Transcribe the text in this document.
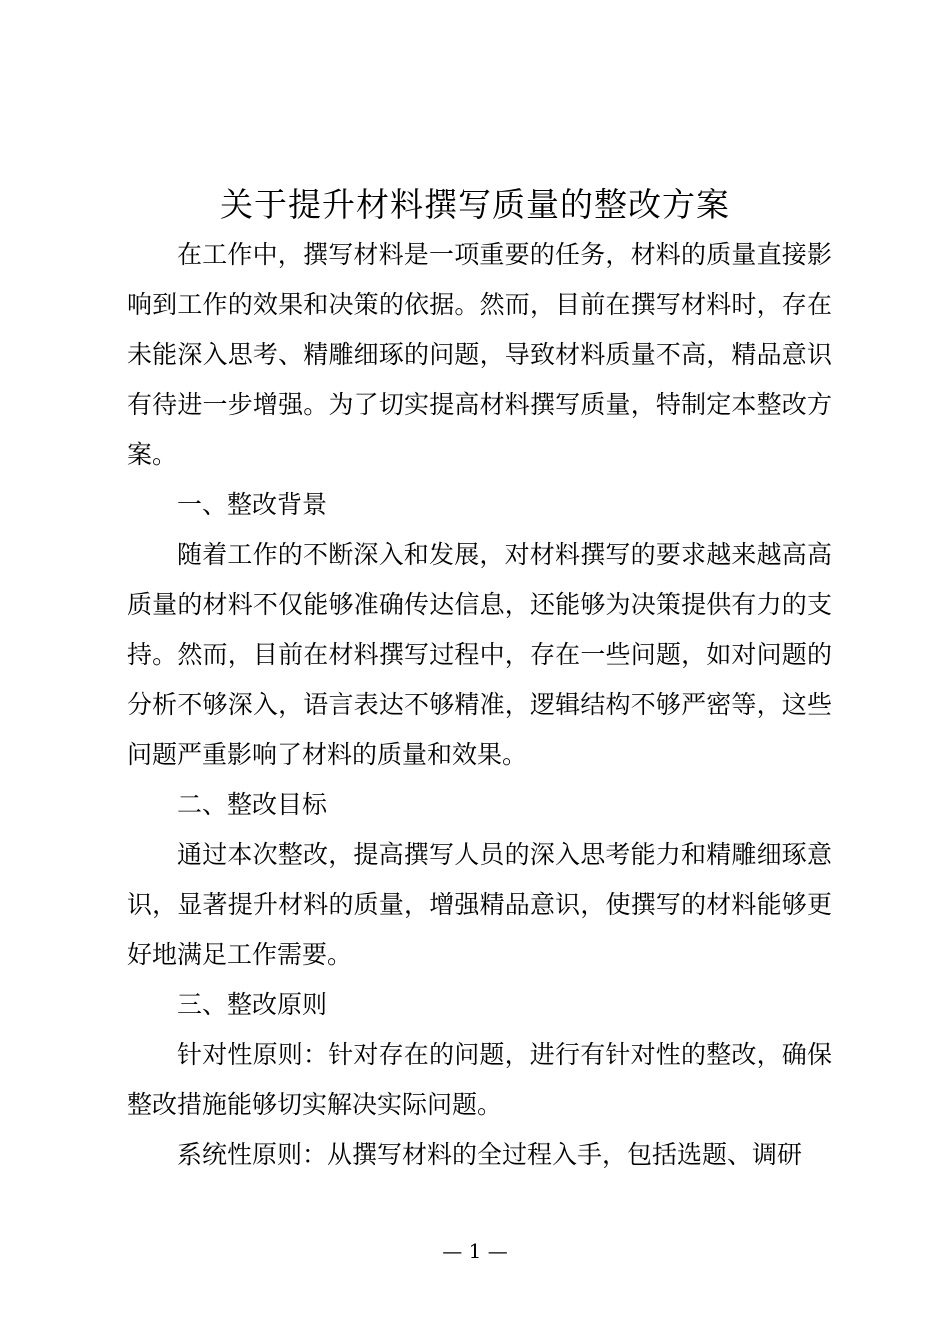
关于提升材料撰写质量的整改方案

在工作中，撰写材料是一项重要的任务，材料的质量直接影响到工作的效果和决策的依据。然而，目前在撰写材料时，存在未能深入思考、精雕细琢的问题，导致材料质量不高，精品意识有待进一步增强。为了切实提高材料撰写质量，特制定本整改方案。

一、整改背景

随着工作的不断深入和发展，对材料撰写的要求越来越高高质量的材料不仅能够准确传达信息，还能够为决策提供有力的支持。然而，目前在材料撰写过程中，存在一些问题，如对问题的分析不够深入，语言表达不够精准，逻辑结构不够严密等，这些问题严重影响了材料的质量和效果。

二、整改目标

通过本次整改，提高撰写人员的深入思考能力和精雕细琢意识，显著提升材料的质量，增强精品意识，使撰写的材料能够更好地满足工作需要。

三、整改原则

针对性原则：针对存在的问题，进行有针对性的整改，确保整改措施能够切实解决实际问题。

系统性原则：从撰写材料的全过程入手，包括选题、调研

— 1 —
